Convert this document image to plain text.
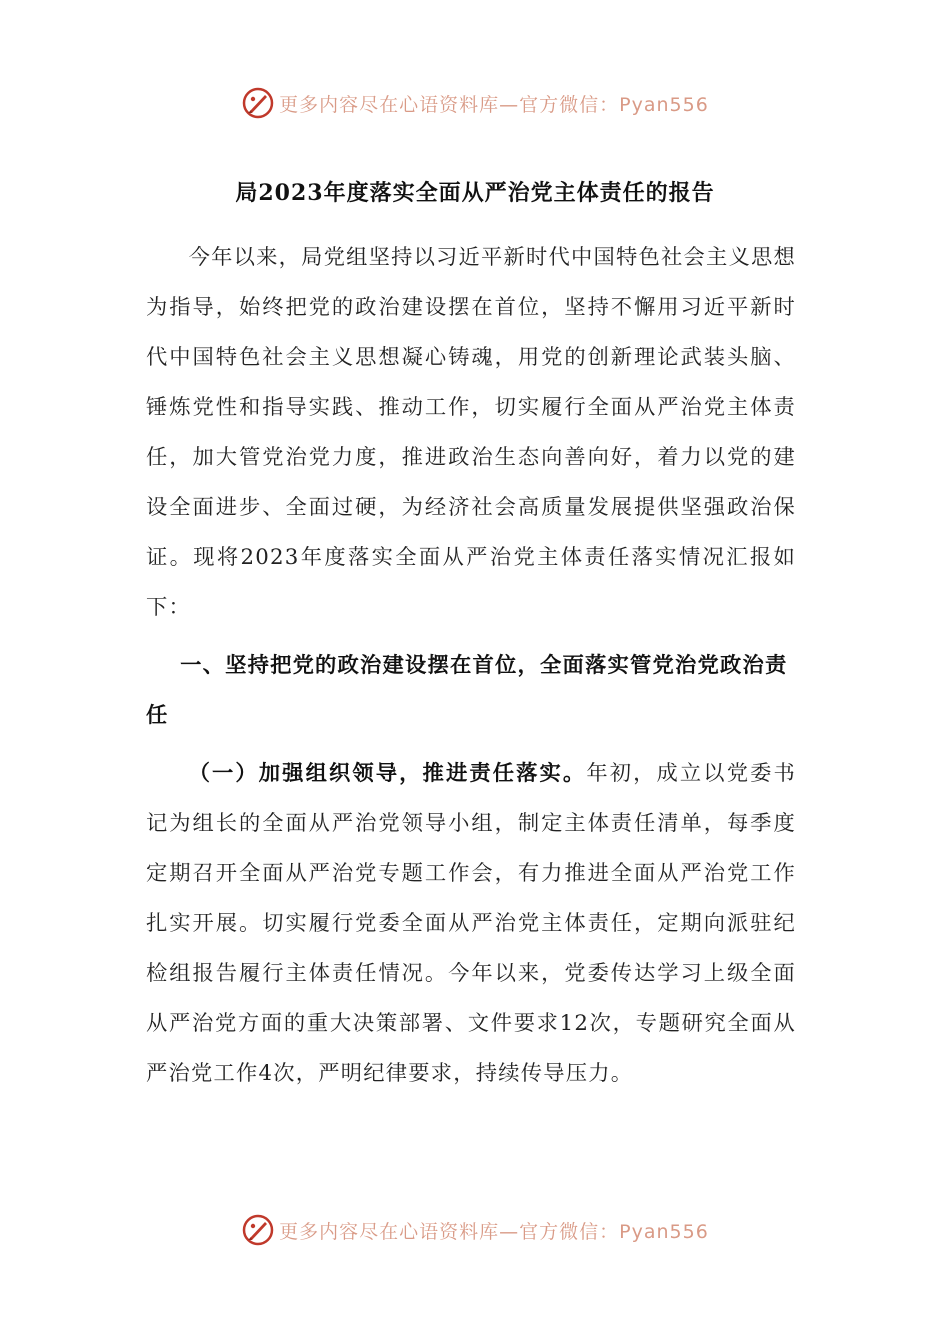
更多内容尽在心语资料库—官方微信：Pyan556
局2023年度落实全面从严治党主体责任的报告

今年以来，局党组坚持以习近平新时代中国特色社会主义思想为指导，始终把党的政治建设摆在首位，坚持不懈用习近平新时代中国特色社会主义思想凝心铸魂，用党的创新理论武装头脑、锤炼党性和指导实践、推动工作，切实履行全面从严治党主体责任，加大管党治党力度，推进政治生态向善向好，着力以党的建设全面进步、全面过硬，为经济社会高质量发展提供坚强政治保证。现将2023年度落实全面从严治党主体责任落实情况汇报如下：

一、坚持把党的政治建设摆在首位，全面落实管党治党政治责任

（一）加强组织领导，推进责任落实。年初，成立以党委书记为组长的全面从严治党领导小组，制定主体责任清单，每季度定期召开全面从严治党专题工作会，有力推进全面从严治党工作扎实开展。切实履行党委全面从严治党主体责任，定期向派驻纪检组报告履行主体责任情况。今年以来，党委传达学习上级全面从严治党方面的重大决策部署、文件要求12次，专题研究全面从严治党工作4次，严明纪律要求，持续传导压力。

更多内容尽在心语资料库—官方微信：Pyan556
